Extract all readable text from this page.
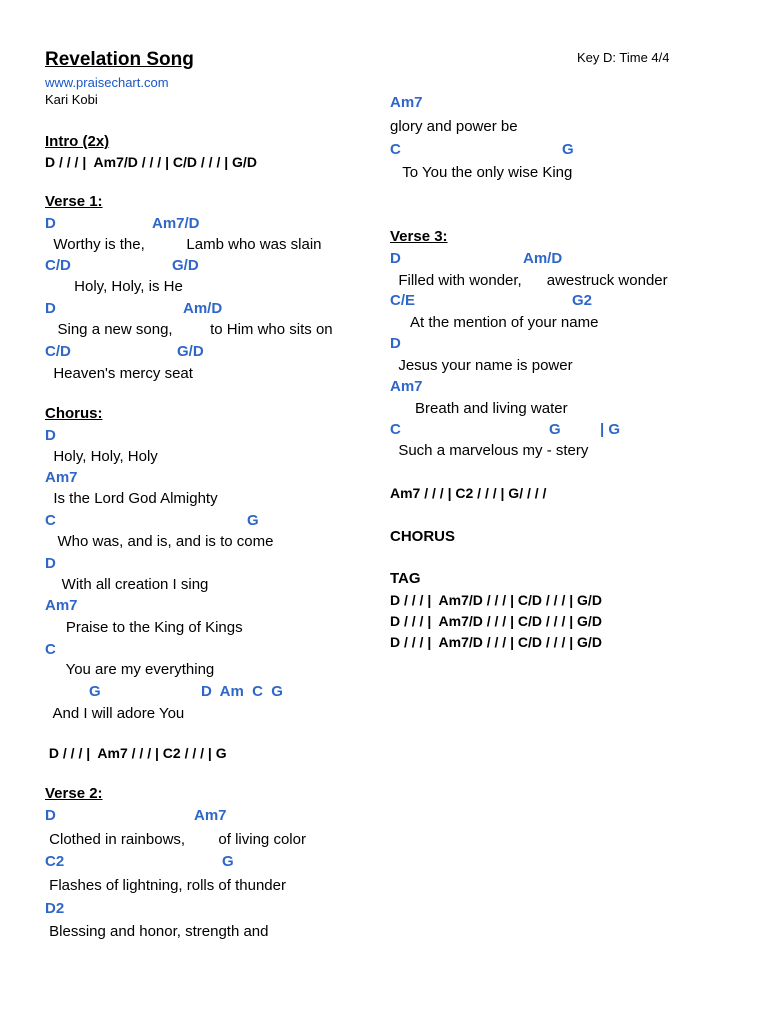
Revelation Song	Key D: Time 4/4
www.praisechart.com
Kari Kobi
Intro (2x)
D / / / |  Am7/D / / / | C/D / / / | G/D
Verse 1:
D	Am7/D
Worthy is the,          Lamb who was slain
C/D	G/D
Holy, Holy, is He
D	Am/D
Sing a new song,         to Him who sits on
C/D	G/D
Heaven's mercy seat
Chorus:
D
Holy, Holy, Holy
Am7
Is the Lord God Almighty
C	G
Who was, and is, and is to come
D
With all creation I sing
Am7
Praise to the King of Kings
C
You are my everything
G	D  Am  C  G
And I will adore You
D / / / |  Am7 / / / | C2 / / / | G
Verse 2:
D	Am7
Clothed in rainbows,        of living color
C2	G
Flashes of lightning, rolls of thunder
D2
Blessing and honor, strength and
Am7
glory and power be
C	G
To You the only wise King
Verse 3:
D	Am/D
Filled with wonder,      awestruck wonder
C/E	G2
At the mention of your name
D
Jesus your name is power
Am7
Breath and living water
C	G	| G
Such a marvelous my - stery
Am7 / / / | C2 / / / | G/ / / /
CHORUS
TAG
D / / / |  Am7/D / / / | C/D / / / | G/D
D / / / |  Am7/D / / / | C/D / / / | G/D
D / / / |  Am7/D / / / | C/D / / / | G/D
